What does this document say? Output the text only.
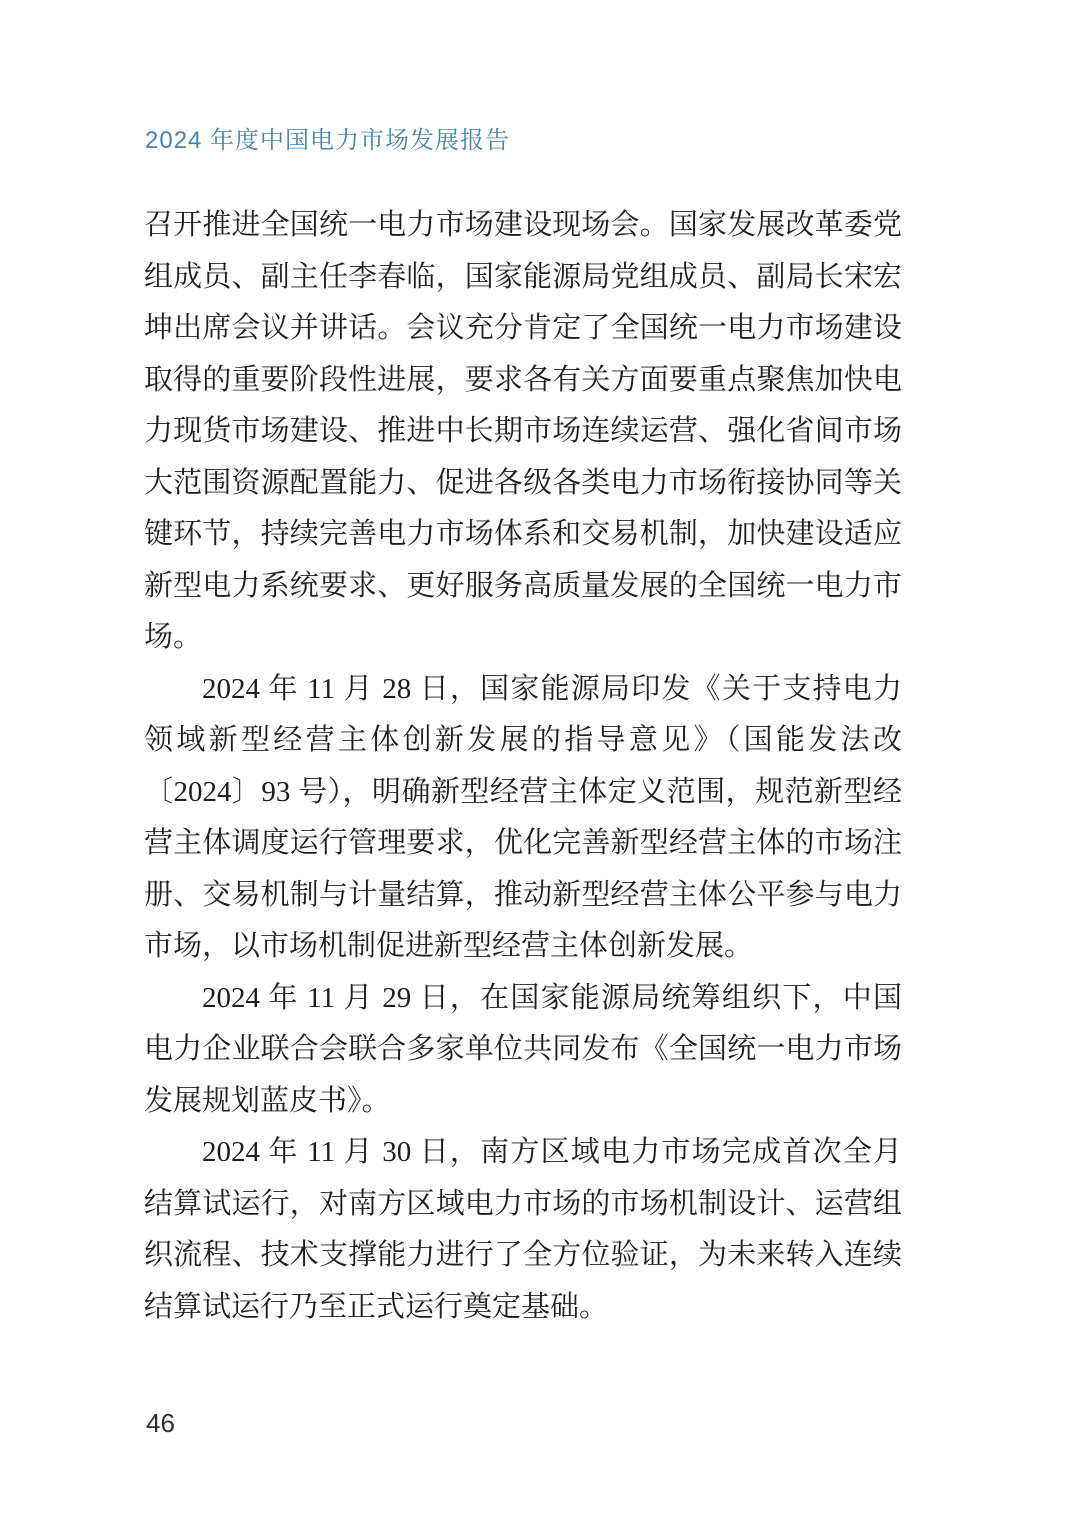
2024 年度中国电力市场发展报告

召开推进全国统一电力市场建设现场会。国家发展改革委党组成员、副主任李春临，国家能源局党组成员、副局长宋宏坤出席会议并讲话。会议充分肯定了全国统一电力市场建设取得的重要阶段性进展，要求各有关方面要重点聚焦加快电力现货市场建设、推进中长期市场连续运营、强化省间市场大范围资源配置能力、促进各级各类电力市场衔接协同等关键环节，持续完善电力市场体系和交易机制，加快建设适应新型电力系统要求、更好服务高质量发展的全国统一电力市场。

2024 年 11 月 28 日，国家能源局印发《关于支持电力领域新型经营主体创新发展的指导意见》（国能发法改〔2024〕93 号），明确新型经营主体定义范围，规范新型经营主体调度运行管理要求，优化完善新型经营主体的市场注册、交易机制与计量结算，推动新型经营主体公平参与电力市场，以市场机制促进新型经营主体创新发展。

2024 年 11 月 29 日，在国家能源局统筹组织下，中国电力企业联合会联合多家单位共同发布《全国统一电力市场发展规划蓝皮书》。

2024 年 11 月 30 日，南方区域电力市场完成首次全月结算试运行，对南方区域电力市场的市场机制设计、运营组织流程、技术支撑能力进行了全方位验证，为未来转入连续结算试运行乃至正式运行奠定基础。

46
